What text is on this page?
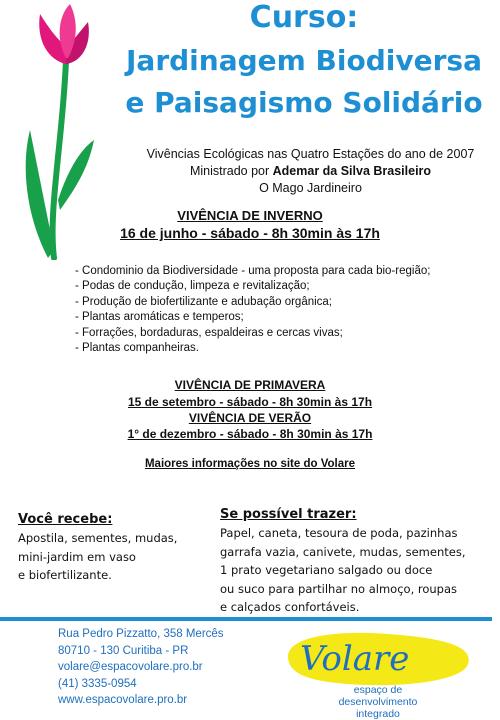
Curso:
Jardinagem Biodiversa
e Paisagismo Solidário
Vivências Ecológicas nas Quatro Estações do ano de 2007
Ministrado por Ademar da Silva Brasileiro
O Mago Jardineiro
VIVÊNCIA DE INVERNO
16 de junho - sábado - 8h 30min às 17h
- Condominio da Biodiversidade - uma proposta para cada bio-região;
- Podas de condução, limpeza e revitalização;
- Produção de biofertilizante e adubação orgânica;
- Plantas aromáticas e temperos;
- Forrações, bordaduras, espaldeiras e cercas vivas;
- Plantas companheiras.
VIVÊNCIA DE PRIMAVERA
15 de setembro - sábado - 8h 30min às 17h
VIVÊNCIA DE VERÃO
1° de dezembro - sábado - 8h 30min às 17h
Maiores informações no site do Volare
Você recebe:
Apostila, sementes, mudas,
mini-jardim em vaso
e biofertilizante.
Se possível trazer:
Papel, caneta, tesoura de poda, pazinhas
garrafa vazia, canivete, mudas, sementes,
1 prato vegetariano salgado ou doce
ou suco para partilhar no almoço, roupas
e calçados confortáveis.
Rua Pedro Pizzatto, 358 Mercês
80710 - 130 Curitiba - PR
volare@espacovolare.pro.br
(41) 3335-0954
www.espacovolare.pro.br
Volare
espaço de
desenvolvimento
integrado
